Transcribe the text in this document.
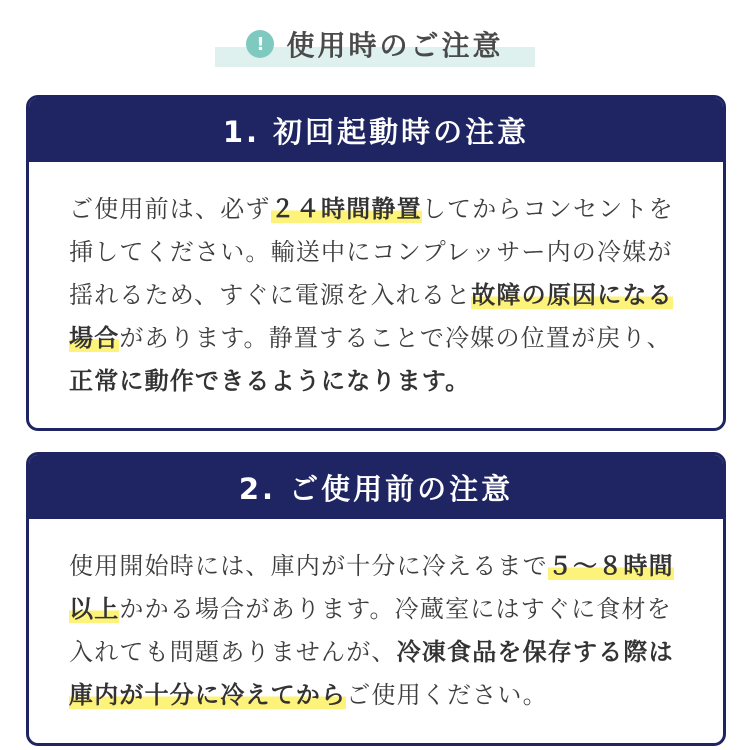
! 使用時のご注意
1. 初回起動時の注意
ご使用前は、必ず２４時間静置してからコンセントを
挿してください。輸送中にコンプレッサー内の冷媒が
揺れるため、すぐに電源を入れると故障の原因になる
場合があります。静置することで冷媒の位置が戻り、
正常に動作できるようになります。
2. ご使用前の注意
使用開始時には、庫内が十分に冷えるまで５〜８時間
以上かかる場合があります。冷蔵室にはすぐに食材を
入れても問題ありませんが、冷凍食品を保存する際は
庫内が十分に冷えてからご使用ください。
